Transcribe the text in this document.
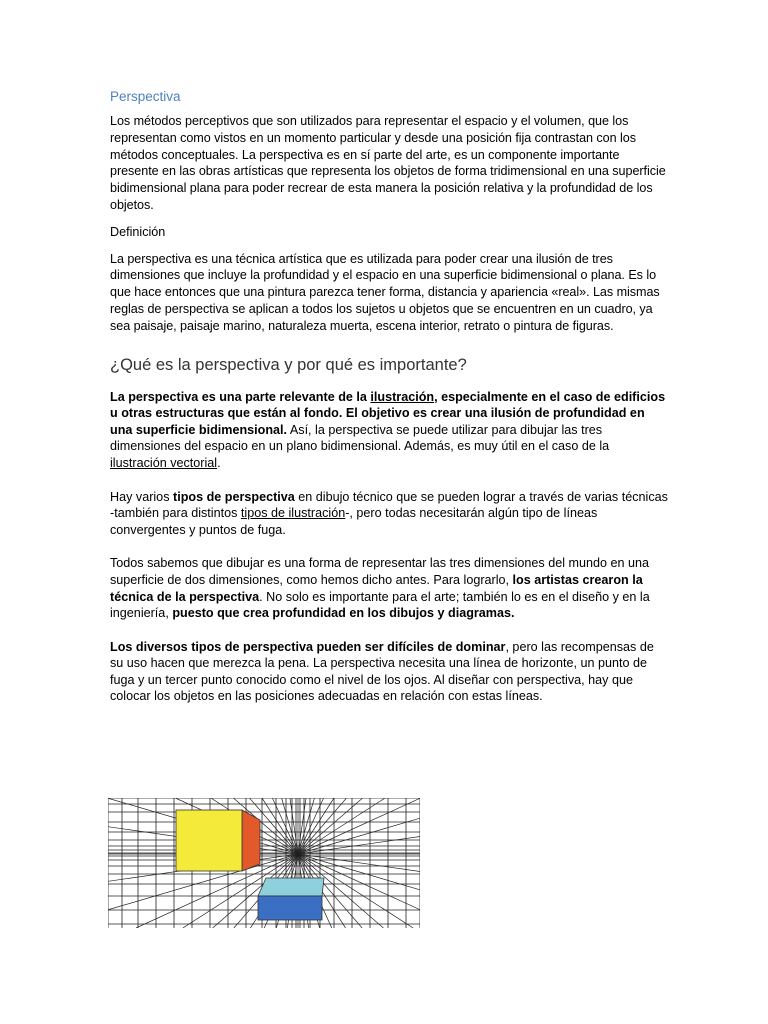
Perspectiva

Los métodos perceptivos que son utilizados para representar el espacio y el volumen, que los representan como vistos en un momento particular y desde una posición fija contrastan con los métodos conceptuales. La perspectiva es en sí parte del arte, es un componente importante presente en las obras artísticas que representa los objetos de forma tridimensional en una superficie bidimensional plana para poder recrear de esta manera la posición relativa y la profundidad de los objetos.

Definición

La perspectiva es una técnica artística que es utilizada para poder crear una ilusión de tres dimensiones que incluye la profundidad y el espacio en una superficie bidimensional o plana. Es lo que hace entonces que una pintura parezca tener forma, distancia y apariencia «real». Las mismas reglas de perspectiva se aplican a todos los sujetos u objetos que se encuentren en un cuadro, ya sea paisaje, paisaje marino, naturaleza muerta, escena interior, retrato o pintura de figuras.

¿Qué es la perspectiva y por qué es importante?

La perspectiva es una parte relevante de la ilustración, especialmente en el caso de edificios u otras estructuras que están al fondo. El objetivo es crear una ilusión de profundidad en una superficie bidimensional. Así, la perspectiva se puede utilizar para dibujar las tres dimensiones del espacio en un plano bidimensional. Además, es muy útil en el caso de la ilustración vectorial.

Hay varios tipos de perspectiva en dibujo técnico que se pueden lograr a través de varias técnicas -también para distintos tipos de ilustración-, pero todas necesitarán algún tipo de líneas convergentes y puntos de fuga.

Todos sabemos que dibujar es una forma de representar las tres dimensiones del mundo en una superficie de dos dimensiones, como hemos dicho antes. Para lograrlo, los artistas crearon la técnica de la perspectiva. No solo es importante para el arte; también lo es en el diseño y en la ingeniería, puesto que crea profundidad en los dibujos y diagramas.

Los diversos tipos de perspectiva pueden ser difíciles de dominar, pero las recompensas de su uso hacen que merezca la pena. La perspectiva necesita una línea de horizonte, un punto de fuga y un tercer punto conocido como el nivel de los ojos. Al diseñar con perspectiva, hay que colocar los objetos en las posiciones adecuadas en relación con estas líneas.
